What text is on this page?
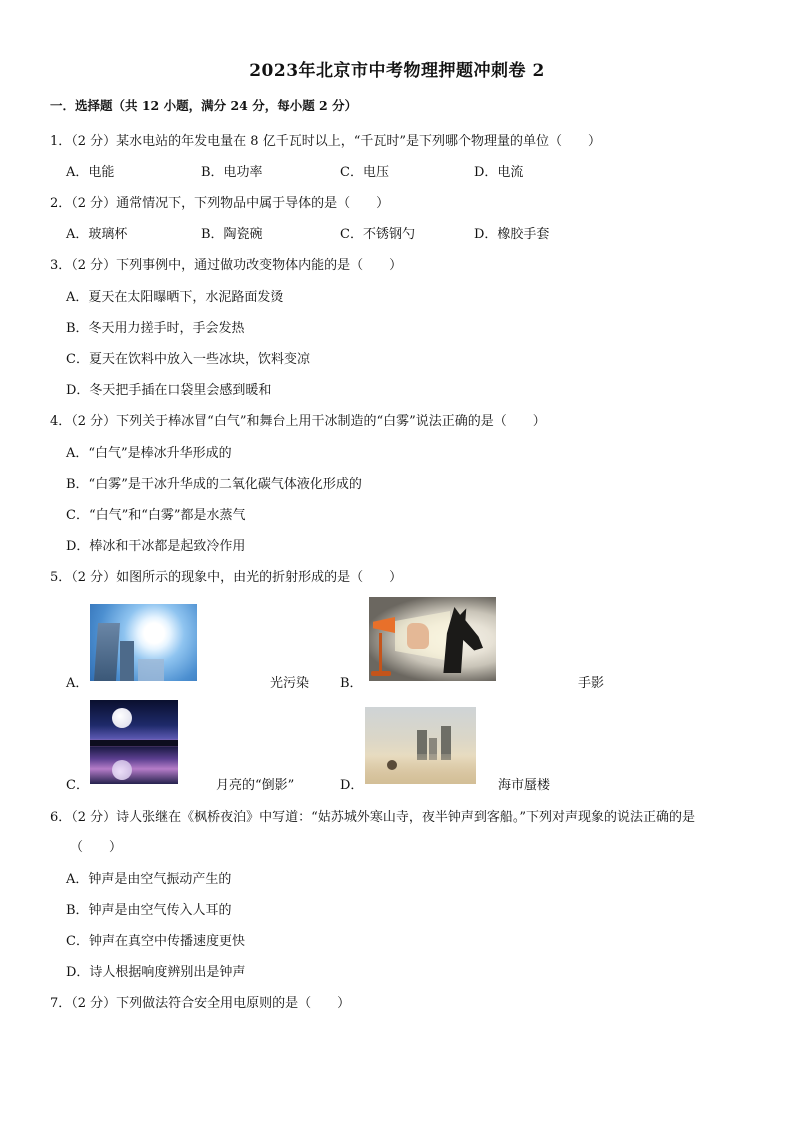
2023年北京市中考物理押题冲刺卷 2
一．选择题（共 12 小题，满分 24 分，每小题 2 分）
1．（2 分）某水电站的年发电量在 8 亿千瓦时以上，“千瓦时”是下列哪个物理量的单位（　　）
A．电能	B．电功率	C．电压	D．电流
2．（2 分）通常情况下，下列物品中属于导体的是（　　）
A．玻璃杯	B．陶瓷碗	C．不锈钢勺	D．橡胶手套
3．（2 分）下列事例中，通过做功改变物体内能的是（　　）
A．夏天在太阳曝晒下，水泥路面发烫
B．冬天用力搓手时，手会发热
C．夏天在饮料中放入一些冰块，饮料变凉
D．冬天把手插在口袋里会感到暖和
4．（2 分）下列关于棒冰冒“白气”和舞台上用干冰制造的“白雾”说法正确的是（　　）
A．“白气”是棒冰升华形成的
B．“白雾”是干冰升华成的二氧化碳气体液化形成的
C．“白气”和“白雾”都是水蒸气
D．棒冰和干冰都是起致冷作用
5．（2 分）如图所示的现象中，由光的折射形成的是（　　）
A．	光污染 B．	手影
C．	月亮的“倒影”	D．	海市蜃楼
6．（2 分）诗人张继在《枫桥夜泊》中写道：“姑苏城外寒山寺，夜半钟声到客船。”下列对声现象的说法正确的是
（　　）
A．钟声是由空气振动产生的
B．钟声是由空气传入人耳的
C．钟声在真空中传播速度更快
D．诗人根据响度辨别出是钟声
7．（2 分）下列做法符合安全用电原则的是（　　）
